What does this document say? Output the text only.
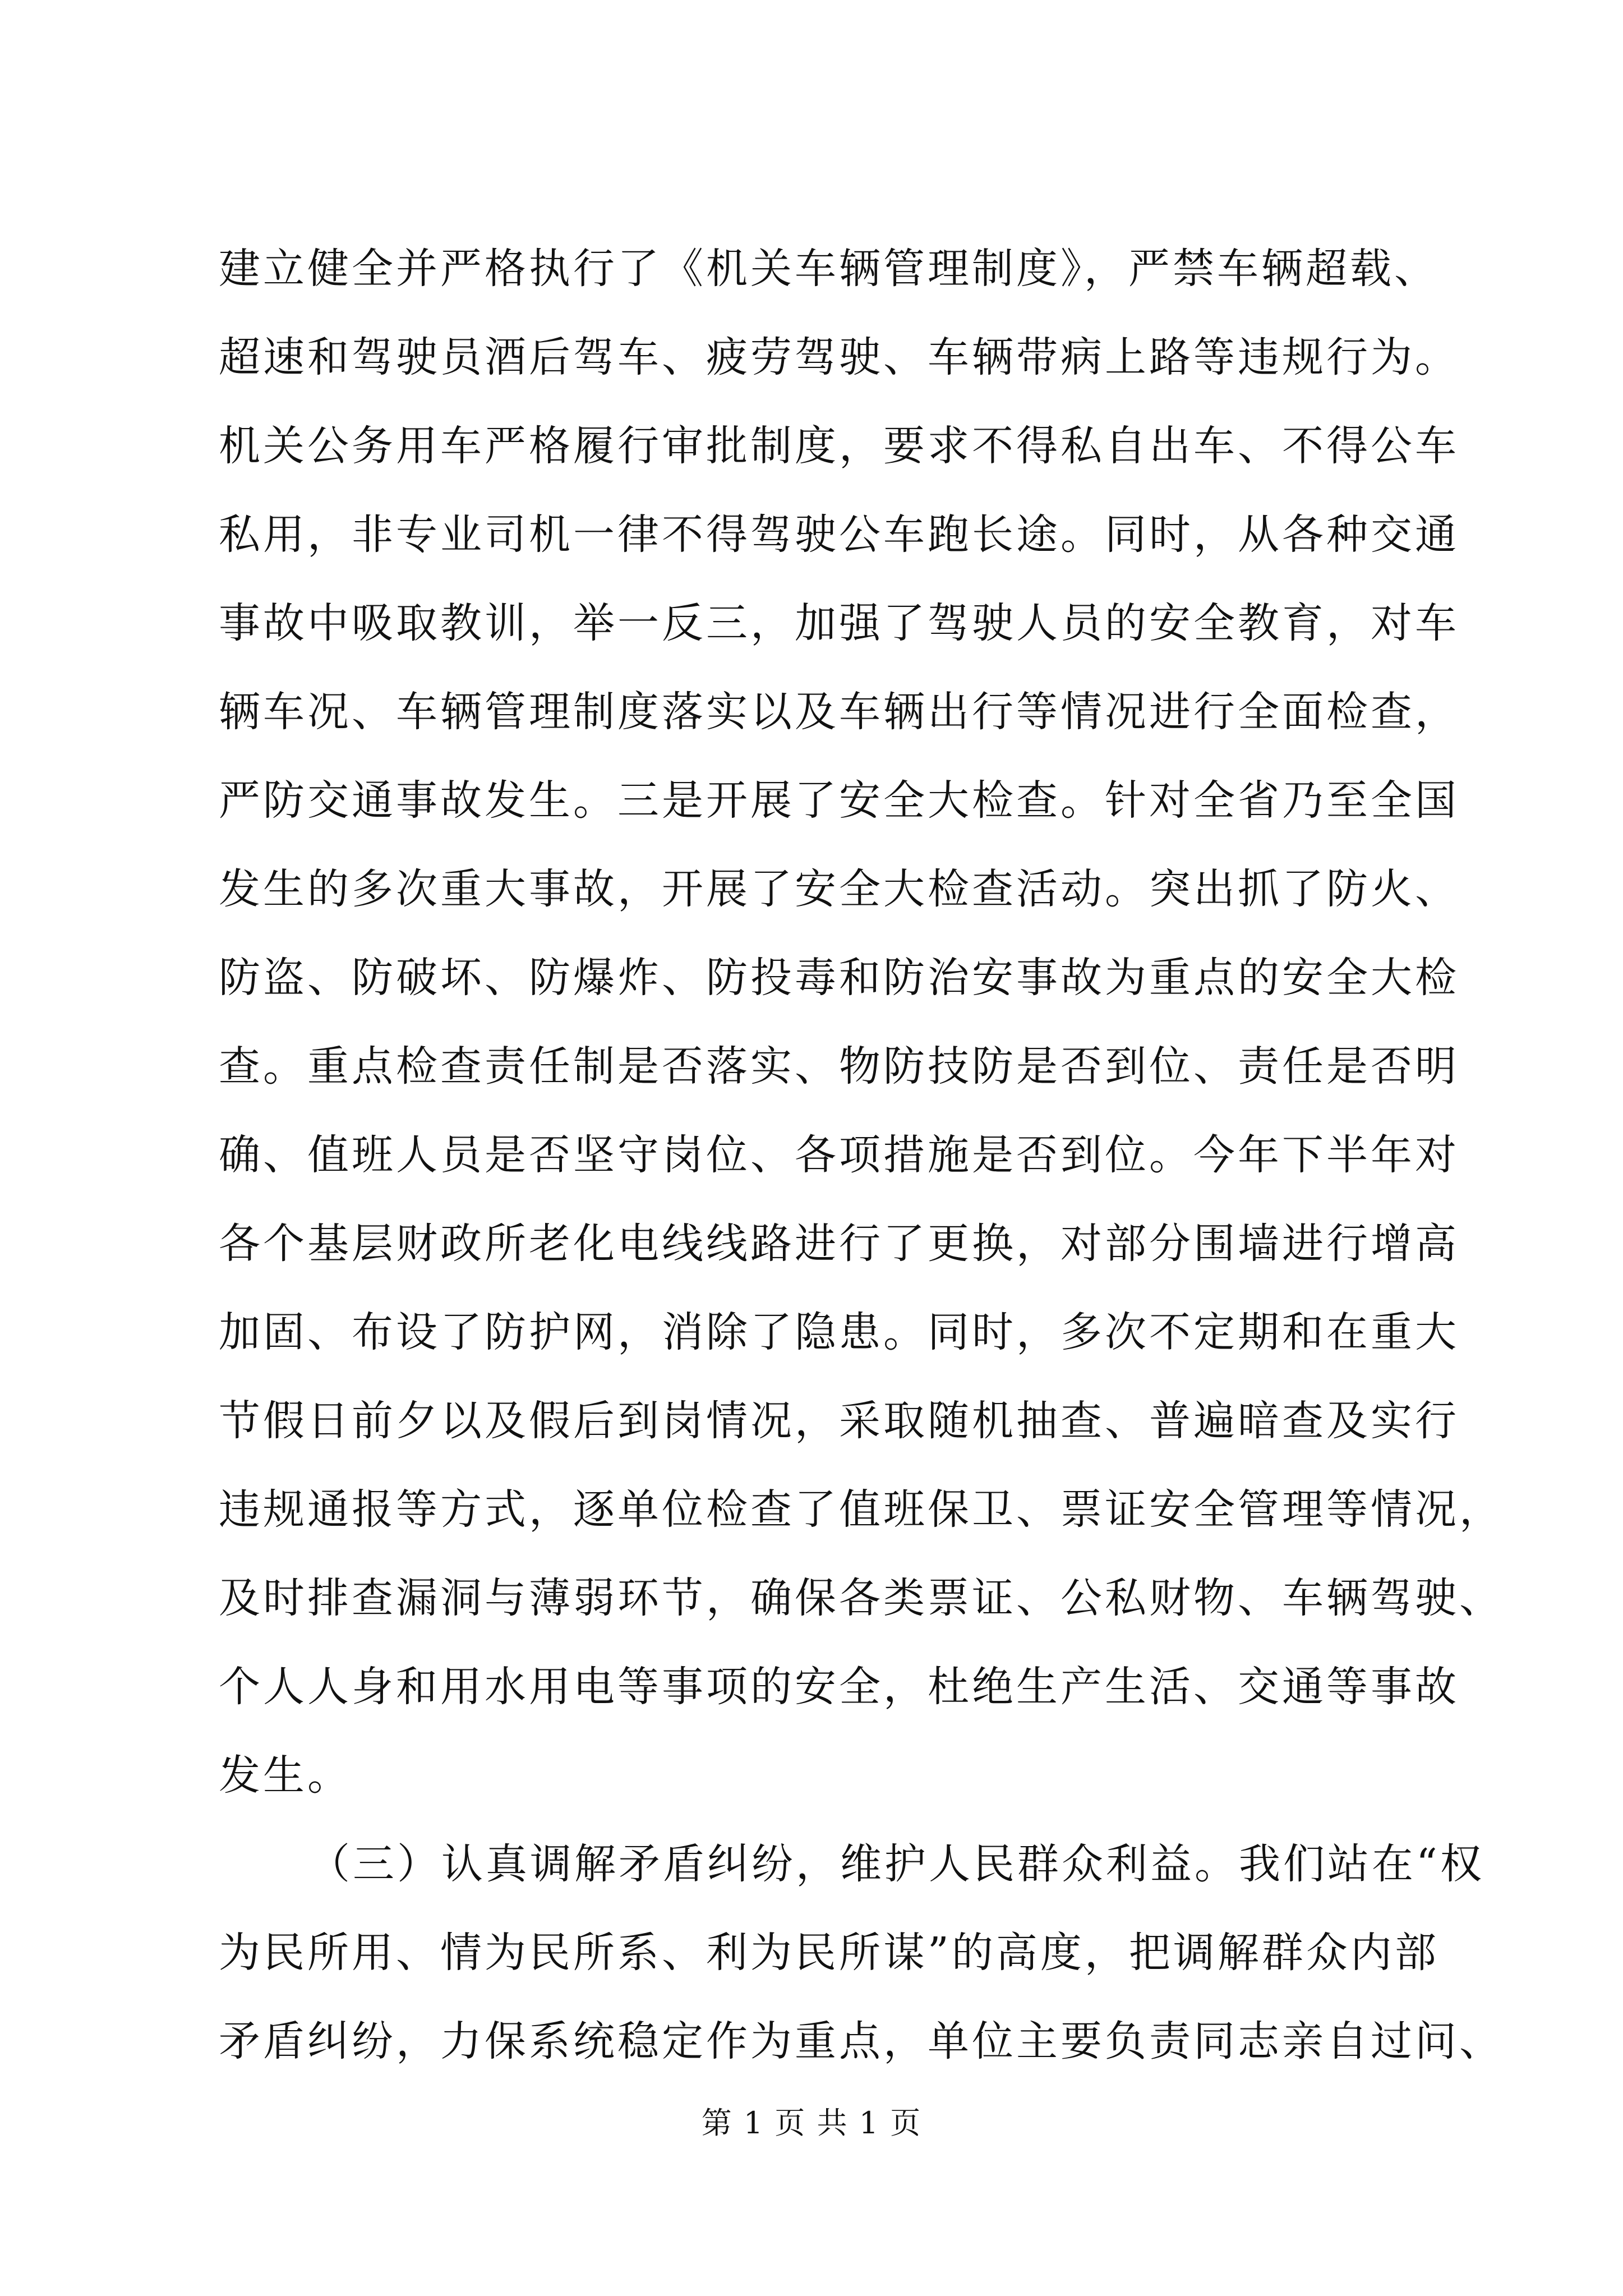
建立健全并严格执行了《机关车辆管理制度》，严禁车辆超载、
超速和驾驶员酒后驾车、疲劳驾驶、车辆带病上路等违规行为。
机关公务用车严格履行审批制度，要求不得私自出车、不得公车
私用，非专业司机一律不得驾驶公车跑长途。同时，从各种交通
事故中吸取教训，举一反三，加强了驾驶人员的安全教育，对车
辆车况、车辆管理制度落实以及车辆出行等情况进行全面检查，
严防交通事故发生。三是开展了安全大检查。针对全省乃至全国
发生的多次重大事故，开展了安全大检查活动。突出抓了防火、
防盗、防破坏、防爆炸、防投毒和防治安事故为重点的安全大检
查。重点检查责任制是否落实、物防技防是否到位、责任是否明
确、值班人员是否坚守岗位、各项措施是否到位。今年下半年对
各个基层财政所老化电线线路进行了更换，对部分围墙进行增高
加固、布设了防护网，消除了隐患。同时，多次不定期和在重大
节假日前夕以及假后到岗情况，采取随机抽查、普遍暗查及实行
违规通报等方式，逐单位检查了值班保卫、票证安全管理等情况，
及时排查漏洞与薄弱环节，确保各类票证、公私财物、车辆驾驶、
个人人身和用水用电等事项的安全，杜绝生产生活、交通等事故
发生。
（三）认真调解矛盾纠纷，维护人民群众利益。我们站在“权
为民所用、情为民所系、利为民所谋”的高度，把调解群众内部
矛盾纠纷，力保系统稳定作为重点，单位主要负责同志亲自过问、
第 1 页 共 1 页
